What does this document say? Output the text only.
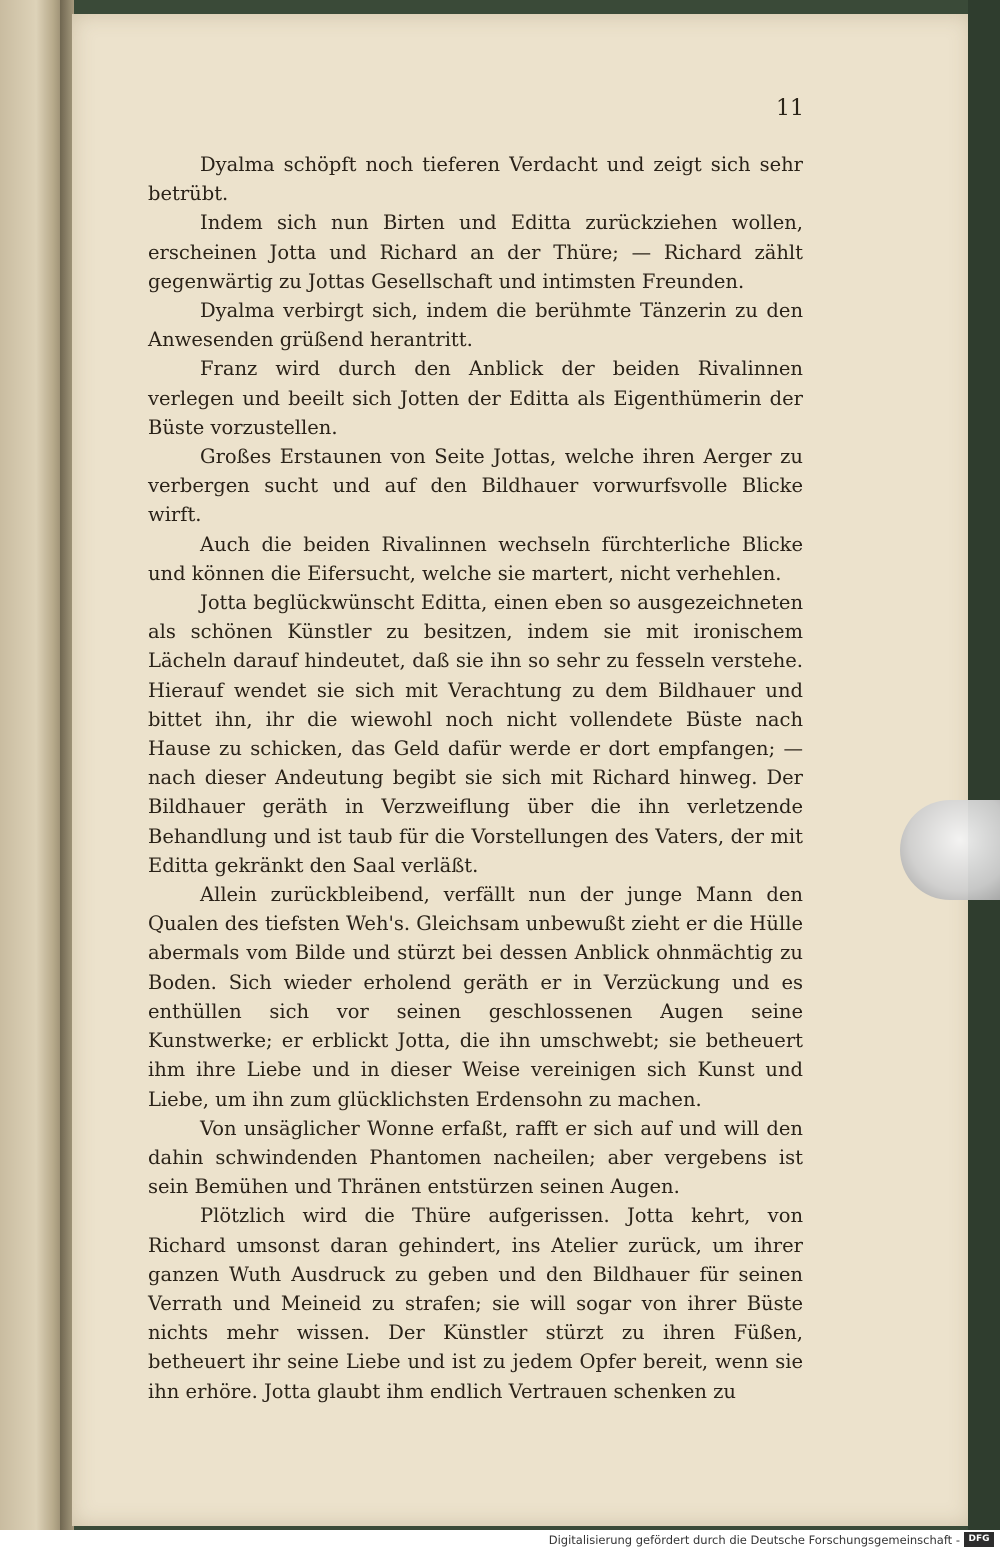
11

Dyalma schöpft noch tieferen Verdacht und zeigt sich sehr betrübt.

Indem sich nun Birten und Editta zurückziehen wollen, erscheinen Jotta und Richard an der Thüre; — Richard zählt gegenwärtig zu Jottas Gesellschaft und intimsten Freunden.

Dyalma verbirgt sich, indem die berühmte Tänzerin zu den Anwesenden grüßend herantritt.

Franz wird durch den Anblick der beiden Rivalinnen verlegen und beeilt sich Jotten der Editta als Eigenthümerin der Büste vorzustellen.

Großes Erstaunen von Seite Jottas, welche ihren Aerger zu verbergen sucht und auf den Bildhauer vorwurfsvolle Blicke wirft.

Auch die beiden Rivalinnen wechseln fürchterliche Blicke und können die Eifersucht, welche sie martert, nicht verhehlen.

Jotta beglückwünscht Editta, einen eben so ausgezeichneten als schönen Künstler zu besitzen, indem sie mit ironischem Lächeln darauf hindeutet, daß sie ihn so sehr zu fesseln verstehe. Hierauf wendet sie sich mit Verachtung zu dem Bildhauer und bittet ihn, ihr die wiewohl noch nicht vollendete Büste nach Hause zu schicken, das Geld dafür werde er dort empfangen; — nach dieser Andeutung begibt sie sich mit Richard hinweg. Der Bildhauer geräth in Verzweiflung über die ihn verletzende Behandlung und ist taub für die Vorstellungen des Vaters, der mit Editta gekränkt den Saal verläßt.

Allein zurückbleibend, verfällt nun der junge Mann den Qualen des tiefsten Weh's. Gleichsam unbewußt zieht er die Hülle abermals vom Bilde und stürzt bei dessen Anblick ohnmächtig zu Boden. Sich wieder erholend geräth er in Verzückung und es enthüllen sich vor seinen geschlossenen Augen seine Kunstwerke; er erblickt Jotta, die ihn umschwebt; sie betheuert ihm ihre Liebe und in dieser Weise vereinigen sich Kunst und Liebe, um ihn zum glücklichsten Erdensohn zu machen.

Von unsäglicher Wonne erfaßt, rafft er sich auf und will den dahin schwindenden Phantomen nacheilen; aber vergebens ist sein Bemühen und Thränen entstürzen seinen Augen.

Plötzlich wird die Thüre aufgerissen. Jotta kehrt, von Richard umsonst daran gehindert, ins Atelier zurück, um ihrer ganzen Wuth Ausdruck zu geben und den Bildhauer für seinen Verrath und Meineid zu strafen; sie will sogar von ihrer Büste nichts mehr wissen. Der Künstler stürzt zu ihren Füßen, betheuert ihr seine Liebe und ist zu jedem Opfer bereit, wenn sie ihn erhöre. Jotta glaubt ihm endlich Vertrauen schenken zu

Digitalisierung gefördert durch die Deutsche Forschungsgemeinschaft - DFG
